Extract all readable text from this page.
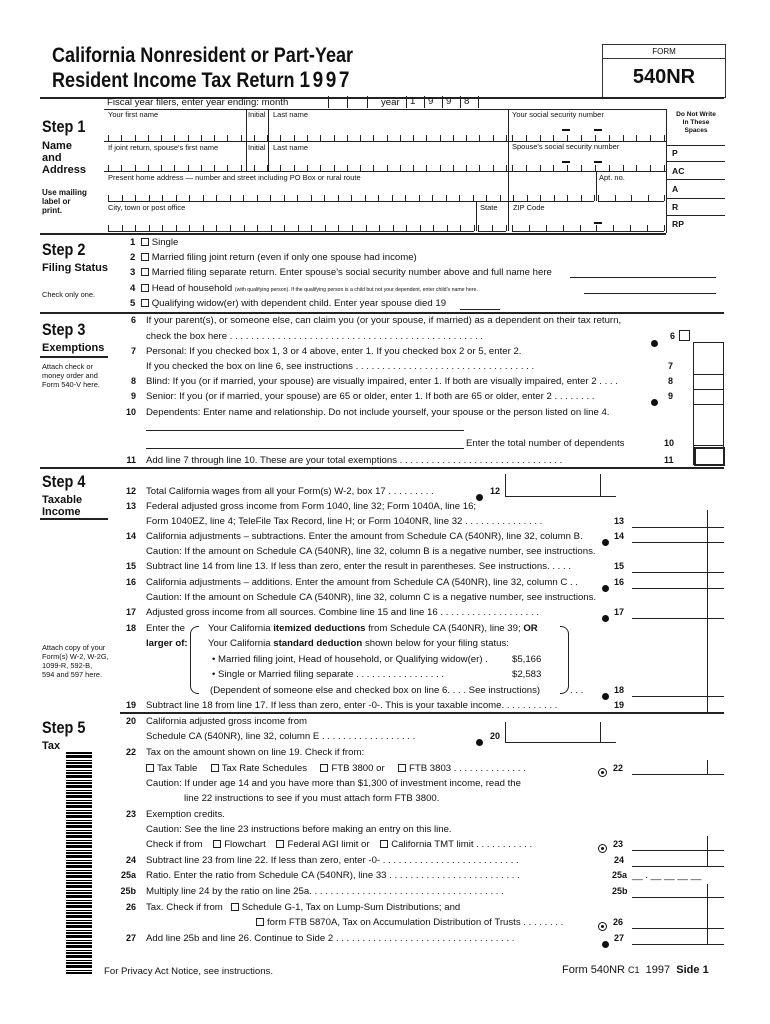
California Nonresident or Part-Year
Resident Income Tax Return 1997
FORM
540NR
Fiscal year filers, enter year ending: month	year 1 9 9 8
Step 1
Name
and
Address
Use mailing
label or
print.
Your first name	Initial Last name	Your social security number
If joint return, spouse's first name	Initial Last name	Spouse's social security number
Present home address — number and street including PO Box or rural route	Apt. no.
City, town or post office	State ZIP Code
Do Not Write
In These
Spaces
P
AC
A
R
RP
Step 2
Filing Status
Check only one.
1 Single
2 Married filing joint return (even if only one spouse had income)
3 Married filing separate return. Enter spouse's social security number above and full name here
4 Head of household (with qualifying person). If the qualifying person is a child but not your dependent, enter child's name here.
5 Qualifying widow(er) with dependent child. Enter year spouse died 19
Step 3
Exemptions
Attach check or
money order and
Form 540-V here.
6 If your parent(s), or someone else, can claim you (or your spouse, if married) as a dependent on their tax return,
check the box here . . . . . . . . . . . . . . . . . . . . . . . . . . . . . . . . . . . . . . . . . . . . . . . .	6
7 Personal: If you checked box 1, 3 or 4 above, enter 1. If you checked box 2 or 5, enter 2.
If you checked the box on line 6, see instructions . . . . . . . . . . . . . . . . . . . . . . . . . . . . . . . . . .	7
8 Blind: If you (or if married, your spouse) are visually impaired, enter 1. If both are visually impaired, enter 2 . . . .	8
9 Senior: If you (or if married, your spouse) are 65 or older, enter 1. If both are 65 or older, enter 2 . . . . . . . .	9
10 Dependents: Enter name and relationship. Do not include yourself, your spouse or the person listed on line 4.
Enter the total number of dependents	10
11 Add line 7 through line 10. These are your total exemptions . . . . . . . . . . . . . . . . . . . . . . . . . . . . . . .	11
Step 4
Taxable
Income
Attach copy of your
Form(s) W-2, W-2G,
1099-R, 592-B,
594 and 597 here.
12 Total California wages from all your Form(s) W-2, box 17 . . . . . . . . .	12
13 Federal adjusted gross income from Form 1040, line 32; Form 1040A, line 16;
Form 1040EZ, line 4; TeleFile Tax Record, line H; or Form 1040NR, line 32 . . . . . . . . . . . . . . .	13
14 California adjustments – subtractions. Enter the amount from Schedule CA (540NR), line 32, column B.	14
Caution: If the amount on Schedule CA (540NR), line 32, column B is a negative number, see instructions.
15 Subtract line 14 from line 13. If less than zero, enter the result in parentheses. See instructions. . . . .	15
16 California adjustments – additions. Enter the amount from Schedule CA (540NR), line 32, column C . .	16
Caution: If the amount on Schedule CA (540NR), line 32, column C is a negative number, see instructions.
17 Adjusted gross income from all sources. Combine line 15 and line 16 . . . . . . . . . . . . . . . . . . .	17
18 Enter the
larger of:
Your California itemized deductions from Schedule CA (540NR), line 39; OR
Your California standard deduction shown below for your filing status:
• Married filing joint, Head of household, or Qualifying widow(er) .	$5,166
• Single or Married filing separate . . . . . . . . . . . . . . . . .	$2,583
(Dependent of someone else and checked box on line 6. . . . See instructions)	. . .	18
19 Subtract line 18 from line 17. If less than zero, enter -0-. This is your taxable income. . . . . . . . . . .	19
Step 5
Tax
20 California adjusted gross income from
Schedule CA (540NR), line 32, column E . . . . . . . . . . . . . . . . . .	20
22 Tax on the amount shown on line 19. Check if from:
Tax Table	Tax Rate Schedules	FTB 3800 or	FTB 3803 . . . . . . . . . . . . . .	22
Caution: If under age 14 and you have more than $1,300 of investment income, read the
line 22 instructions to see if you must attach form FTB 3800.
23 Exemption credits.
Caution: See the line 23 instructions before making an entry on this line.
Check if from Flowchart Federal AGI limit or California TMT limit . . . . . . . . . . .	23
24 Subtract line 23 from line 22. If less than zero, enter -0- . . . . . . . . . . . . . . . . . . . . . . . . . .	24
25a Ratio. Enter the ratio from Schedule CA (540NR), line 33 . . . . . . . . . . . . . . . . . . . . . . . . .	25a __ . __ __ __ __
25b Multiply line 24 by the ratio on line 25a. . . . . . . . . . . . . . . . . . . . . . . . . . . . . . . . . . . . .	25b
26 Tax. Check if from Schedule G-1, Tax on Lump-Sum Distributions; and
form FTB 5870A, Tax on Accumulation Distribution of Trusts . . . . . . . .	26
27 Add line 25b and line 26. Continue to Side 2 . . . . . . . . . . . . . . . . . . . . . . . . . . . . . . . . . .	27
For Privacy Act Notice, see instructions.	Form 540NR C1 1997 Side 1
